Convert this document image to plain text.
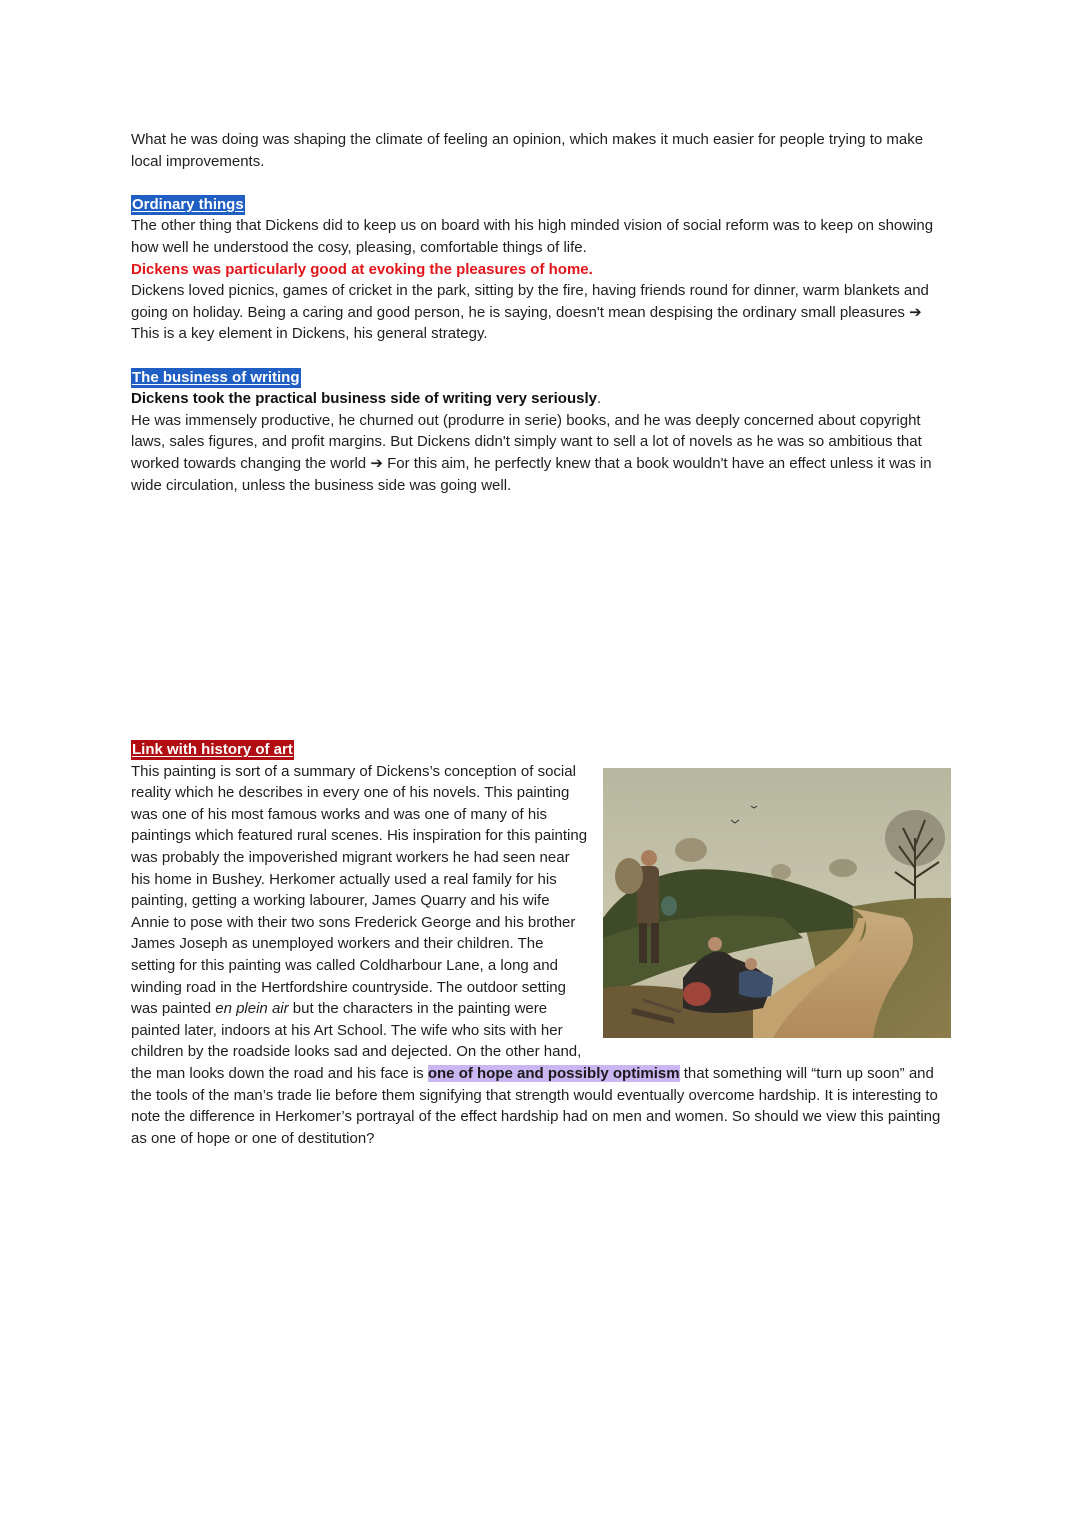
What he was doing was shaping the climate of feeling an opinion, which makes it much easier for people trying to make local improvements.

Ordinary things

The other thing that Dickens did to keep us on board with his high minded vision of social reform was to keep on showing how well he understood the cosy, pleasing, comfortable things of life.

Dickens was particularly good at evoking the pleasures of home.

Dickens loved picnics, games of cricket in the park, sitting by the fire, having friends round for dinner, warm blankets and going on holiday. Being a caring and good person, he is saying, doesn't mean despising the ordinary small pleasures ➔ This is a key element in Dickens, his general strategy.

The business of writing

Dickens took the practical business side of writing very seriously.

He was immensely productive, he churned out (produrre in serie) books, and he was deeply concerned about copyright laws, sales figures, and profit margins. But Dickens didn't simply want to sell a lot of novels as he was so ambitious that worked towards changing the world ➔ For this aim, he perfectly knew that a book wouldn't have an effect unless it was in wide circulation, unless the business side was going well.

Link with history of art

This painting is sort of a summary of Dickens’s conception of social reality which he describes in every one of his novels. This painting was one of his most famous works and was one of many of his paintings which featured rural scenes. His inspiration for this painting was probably the impoverished migrant workers he had seen near his home in Bushey. Herkomer actually used a real family for his painting, getting a working labourer, James Quarry and his wife Annie to pose with their two sons Frederick George and his brother James Joseph as unemployed workers and their children. The setting for this painting was called Coldharbour Lane, a long and winding road in the Hertfordshire countryside. The outdoor setting was painted en plein air but the characters in the painting were painted later, indoors at his Art School. The wife who sits with her children by the roadside looks sad and dejected. On the other hand, the man looks down the road and his face is one of hope and possibly optimism that something will “turn up soon” and the tools of the man’s trade lie before them signifying that strength would eventually overcome hardship. It is interesting to note the difference in Herkomer’s portrayal of the effect hardship had on men and women. So should we view this painting as one of hope or one of destitution?
